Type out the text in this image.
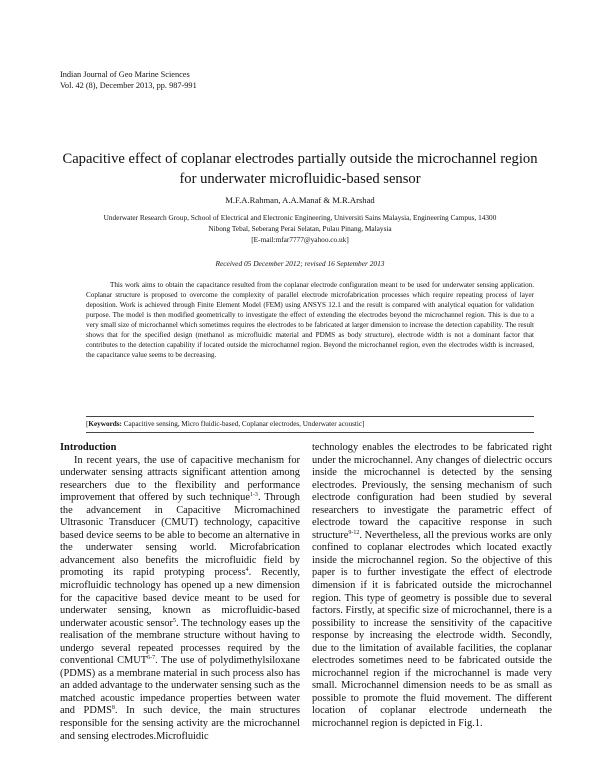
Indian Journal of Geo Marine Sciences
Vol. 42 (8), December 2013, pp. 987-991
Capacitive effect of coplanar electrodes partially outside the microchannel region
for underwater microfluidic-based sensor
M.F.A.Rahman, A.A.Manaf & M.R.Arshad
Underwater Research Group, School of Electrical and Electronic Engineering, Universiti Sains Malaysia, Engineering Campus, 14300
Nibong Tebal, Seberang Perai Selatan, Pulau Pinang, Malaysia
[E-mail:mfar7777@yahoo.co.uk]
Received 05 December 2012; revised 16 September 2013

This work aims to obtain the capacitance resulted from the coplanar electrode configuration meant to be used for underwater sensing application. Coplanar structure is proposed to overcome the complexity of parallel electrode microfabrication processes which require repeating process of layer deposition. Work is achieved through Finite Element Model (FEM) using ANSYS 12.1 and the result is compared with analytical equation for validation purpose. The model is then modified geometrically to investigate the effect of extending the electrodes beyond the microchannel region. This is due to a very small size of microchannel which sometimes requires the electrodes to be fabricated at larger dimension to increase the detection capability. The result shows that for the specified design (methanol as microfluidic material and PDMS as body structure), electrode width is not a dominant factor that contributes to the detection capability if located outside the microchannel region. Beyond the microchannel region, even the electrodes width is increased, the capacitance value seems to be decreasing.

[Keywords: Capacitive sensing, Micro fluidic-based, Coplanar electrodes, Underwater acoustic]
Introduction

In recent years, the use of capacitive mechanism for underwater sensing attracts significant attention among researchers due to the flexibility and performance improvement that offered by such technique$^{1-3}$. Through the advancement in Capacitive Micromachined Ultrasonic Transducer (CMUT) technology, capacitive based device seems to be able to become an alternative in the underwater sensing world. Microfabrication advancement also benefits the microfluidic field by promoting its rapid protyping process$^4$. Recently, microfluidic technology has opened up a new dimension for the capacitive based device meant to be used for underwater sensing, known as microfluidic-based underwater acoustic sensor$^5$. The technology eases up the realisation of the membrane structure without having to undergo several repeated processes required by the conventional CMUT$^{6-7}$. The use of polydimethylsiloxane (PDMS) as a membrane material in such process also has an added advantage to the underwater sensing such as the matched acoustic impedance properties between water and PDMS$^8$. In such device, the main structures responsible for the sensing activity are the microchannel and sensing electrodes.Microfluidic

technology enables the electrodes to be fabricated right under the microchannel. Any changes of dielectric occurs inside the microchannel is detected by the sensing electrodes. Previously, the sensing mechanism of such electrode configuration had been studied by several researchers to investigate the parametric effect of electrode toward the capacitive response in such structure$^{9-12}$. Nevertheless, all the previous works are only confined to coplanar electrodes which located exactly inside the microchannel region. So the objective of this paper is to further investigate the effect of electrode dimension if it is fabricated outside the microchannel region. This type of geometry is possible due to several factors. Firstly, at specific size of microchannel, there is a possibility to increase the sensitivity of the capacitive response by increasing the electrode width. Secondly, due to the limitation of available facilities, the coplanar electrodes sometimes need to be fabricated outside the microchannel region if the microchannel is made very small. Microchannel dimension needs to be as small as possible to promote the fluid movement. The different location of coplanar electrode underneath the microchannel region is depicted in Fig.1.
